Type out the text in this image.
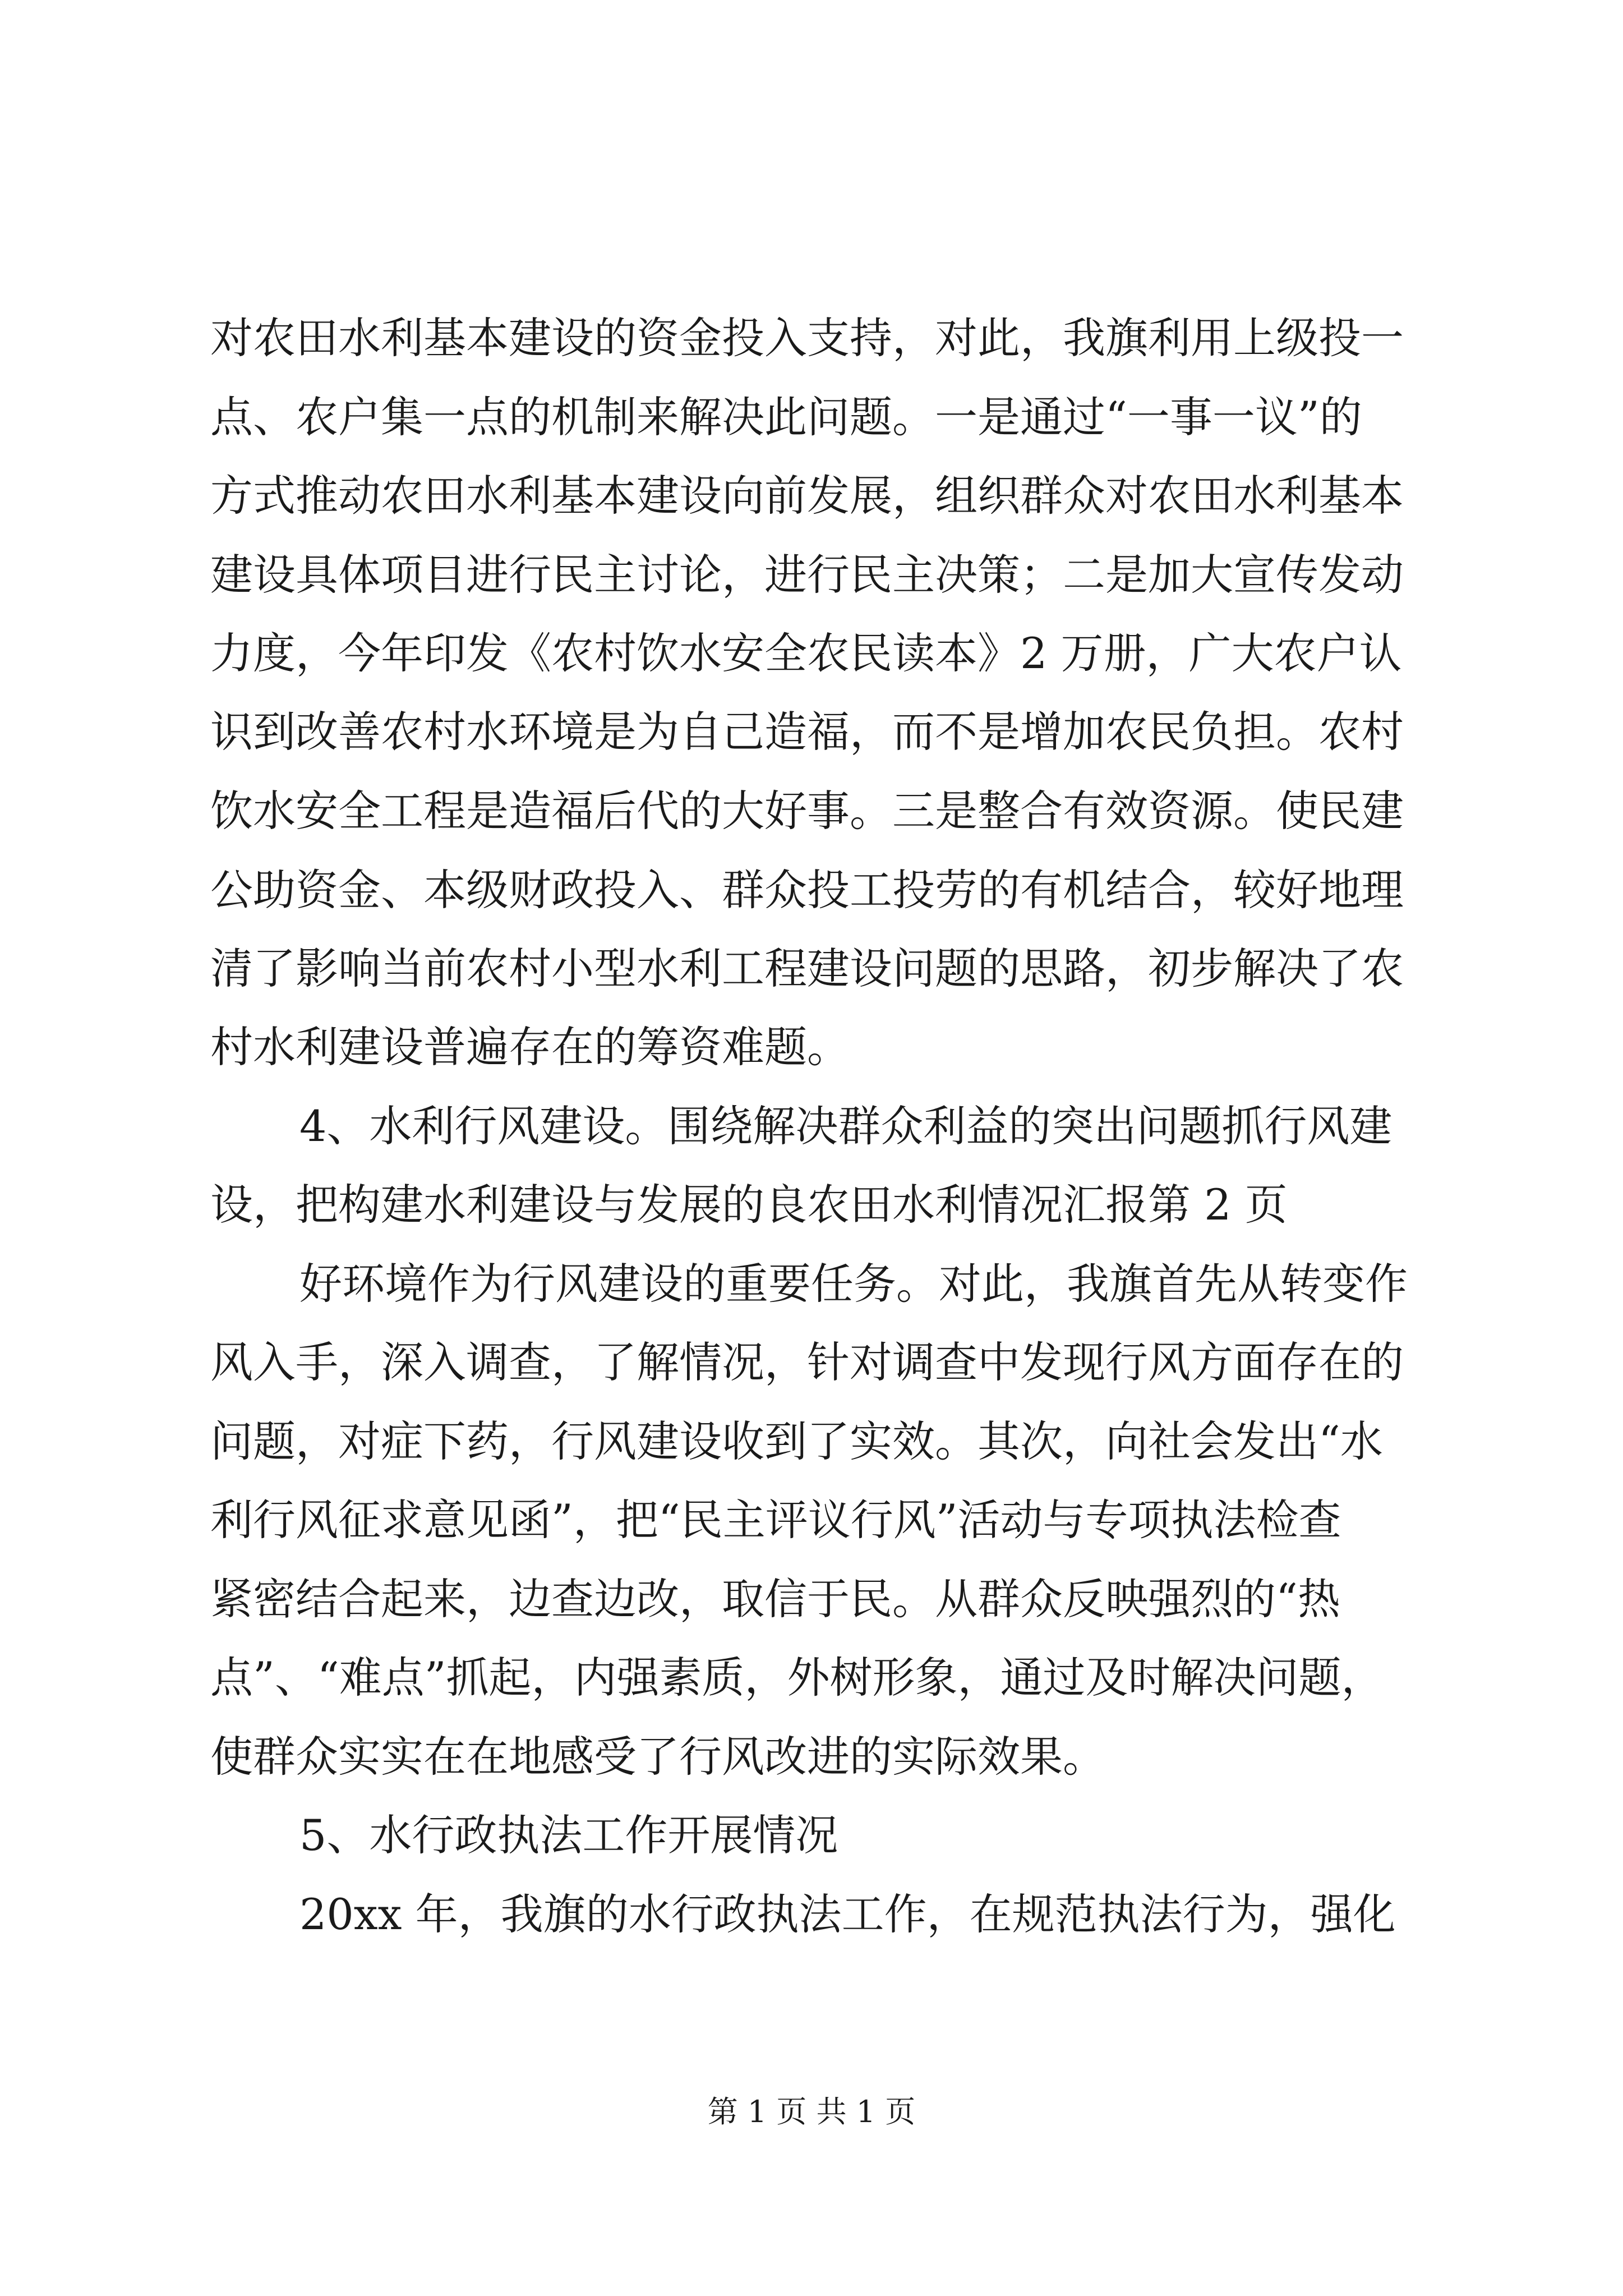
对农田水利基本建设的资金投入支持，对此，我旗利用上级投一
点、农户集一点的机制来解决此问题。一是通过“一事一议”的
方式推动农田水利基本建设向前发展，组织群众对农田水利基本
建设具体项目进行民主讨论，进行民主决策；二是加大宣传发动
力度，今年印发《农村饮水安全农民读本》2 万册，广大农户认
识到改善农村水环境是为自己造福，而不是增加农民负担。农村
饮水安全工程是造福后代的大好事。三是整合有效资源。使民建
公助资金、本级财政投入、群众投工投劳的有机结合，较好地理
清了影响当前农村小型水利工程建设问题的思路，初步解决了农
村水利建设普遍存在的筹资难题。
4、水利行风建设。围绕解决群众利益的突出问题抓行风建
设，把构建水利建设与发展的良农田水利情况汇报第 2 页
好环境作为行风建设的重要任务。对此，我旗首先从转变作
风入手，深入调查，了解情况，针对调查中发现行风方面存在的
问题，对症下药，行风建设收到了实效。其次，向社会发出“水
利行风征求意见函”，把“民主评议行风”活动与专项执法检查
紧密结合起来，边查边改，取信于民。从群众反映强烈的“热
点”、“难点”抓起，内强素质，外树形象，通过及时解决问题，
使群众实实在在地感受了行风改进的实际效果。
5、水行政执法工作开展情况
20xx 年，我旗的水行政执法工作，在规范执法行为，强化
第 1 页 共 1 页
